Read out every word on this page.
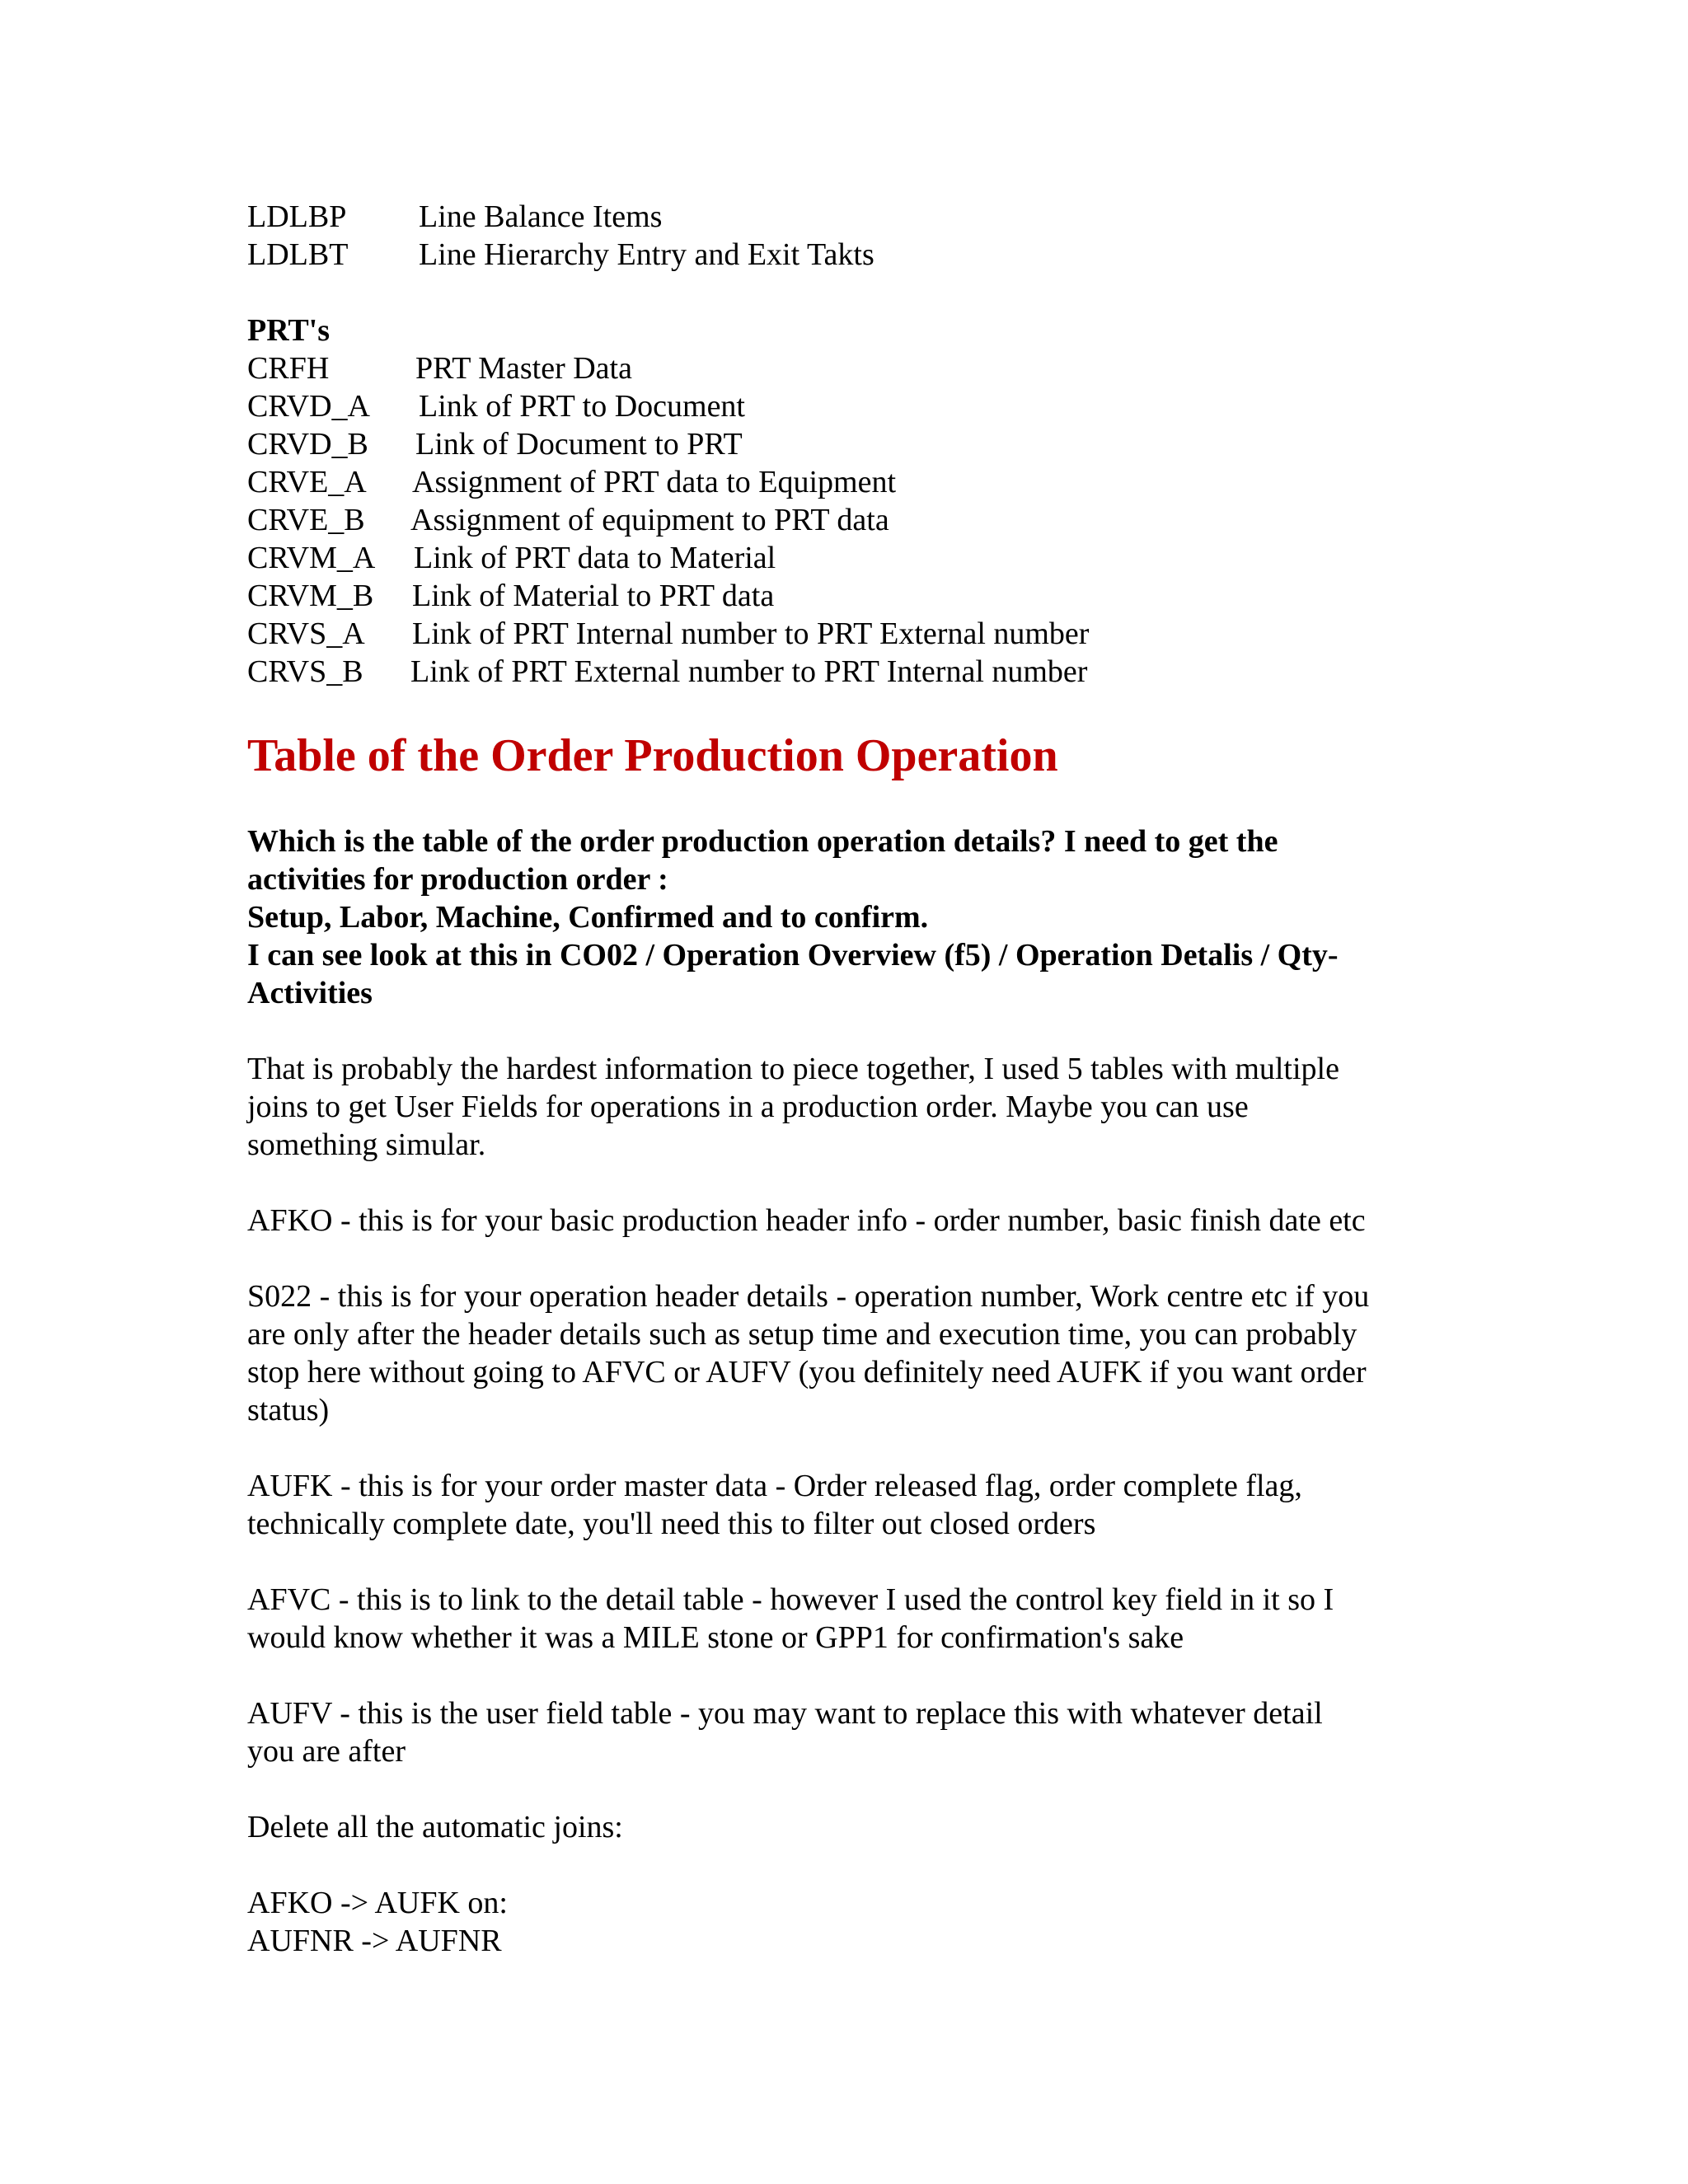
LDLBP Line Balance Items
LDLBT Line Hierarchy Entry and Exit Takts
PRT's
CRFH	PRT Master Data
CRVD_A Link of PRT to Document
CRVD_B Link of Document to PRT
CRVE_A Assignment of PRT data to Equipment
CRVE_B Assignment of equipment to PRT data
CRVM_A Link of PRT data to Material
CRVM_B Link of Material to PRT data
CRVS_A Link of PRT Internal number to PRT External number
CRVS_B Link of PRT External number to PRT Internal number
Table of the Order Production Operation
Which is the table of the order production operation details? I need to get the
activities for production order :
Setup, Labor, Machine, Confirmed and to confirm.
I can see look at this in CO02 / Operation Overview (f5) / Operation Detalis / Qty-
Activities
That is probably the hardest information to piece together, I used 5 tables with multiple
joins to get User Fields for operations in a production order. Maybe you can use
something simular.
AFKO - this is for your basic production header info - order number, basic finish date etc
S022 - this is for your operation header details - operation number, Work centre etc if you
are only after the header details such as setup time and execution time, you can probably
stop here without going to AFVC or AUFV (you definitely need AUFK if you want order
status)
AUFK - this is for your order master data - Order released flag, order complete flag,
technically complete date, you'll need this to filter out closed orders
AFVC - this is to link to the detail table - however I used the control key field in it so I
would know whether it was a MILE stone or GPP1 for confirmation's sake
AUFV - this is the user field table - you may want to replace this with whatever detail
you are after
Delete all the automatic joins:
AFKO -> AUFK on:
AUFNR -> AUFNR
